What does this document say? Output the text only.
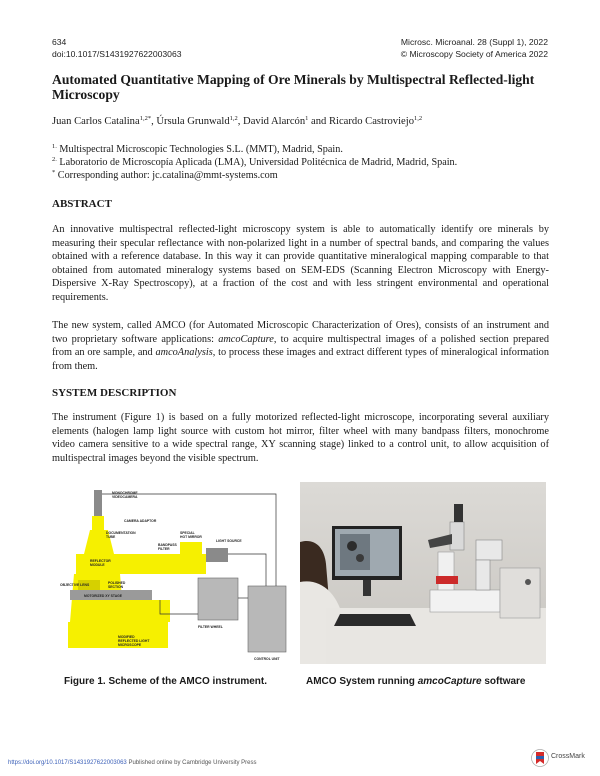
634
doi:10.1017/S1431927622003063
Microsc. Microanal. 28 (Suppl 1), 2022
© Microscopy Society of America 2022
Automated Quantitative Mapping of Ore Minerals by Multispectral Reflected-light Microscopy
Juan Carlos Catalina$^{1,2*}$, Úrsula Grunwald$^{1,2}$, David Alarcón$^1$ and Ricardo Castroviejo$^{1,2}$
$^{1.}$ Multispectral Microscopic Technologies S.L. (MMT), Madrid, Spain.
$^{2.}$ Laboratorio de Microscopía Aplicada (LMA), Universidad Politécnica de Madrid, Madrid, Spain.
* Corresponding author: jc.catalina@mmt-systems.com
ABSTRACT
An innovative multispectral reflected-light microscopy system is able to automatically identify ore minerals by measuring their specular reflectance with non-polarized light in a number of spectral bands, and comparing the values obtained with a reference database. In this way it can provide quantitative mineralogical mapping comparable to that obtained from automated mineralogy systems based on SEM-EDS (Scanning Electron Microscopy with Energy-Dispersive X-Ray Spectroscopy), at a fraction of the cost and with less stringent environmental and operational requirements.
The new system, called AMCO (for Automated Microscopic Characterization of Ores), consists of an instrument and two proprietary software applications: amcoCapture, to acquire multispectral images of a polished section prepared from an ore sample, and amcoAnalysis, to process these images and extract different types of mineralogical information from them.
SYSTEM DESCRIPTION
The instrument (Figure 1) is based on a fully motorized reflected-light microscope, incorporating several auxiliary elements (halogen lamp light source with custom hot mirror, filter wheel with many bandpass filters, monochrome video camera sensitive to a wide spectral range, XY scanning stage) linked to a control unit, to allow acquisition of multispectral images beyond the visible spectrum.
MONOCHROME
VIDEOCAMERA
CAMERA ADAPTOR
DOCUMENTATION
TUBE
SPECIAL
HOT MIRROR
BANDPASS
FILTER
LIGHT SOURCE
REFLECTOR
MODULE
OBJECTIVE LENS	POLISHED
SECTION
MOTORIZED XY STAGE
FILTER WHEEL
MODIFIED
REFLECTED LIGHT
MICROSCOPE
CONTROL UNIT
Figure 1. Scheme of the AMCO instrument.	AMCO System running amcoCapture software
https://doi.org/10.1017/S1431927622003063 Published online by Cambridge University Press
CrossMark
